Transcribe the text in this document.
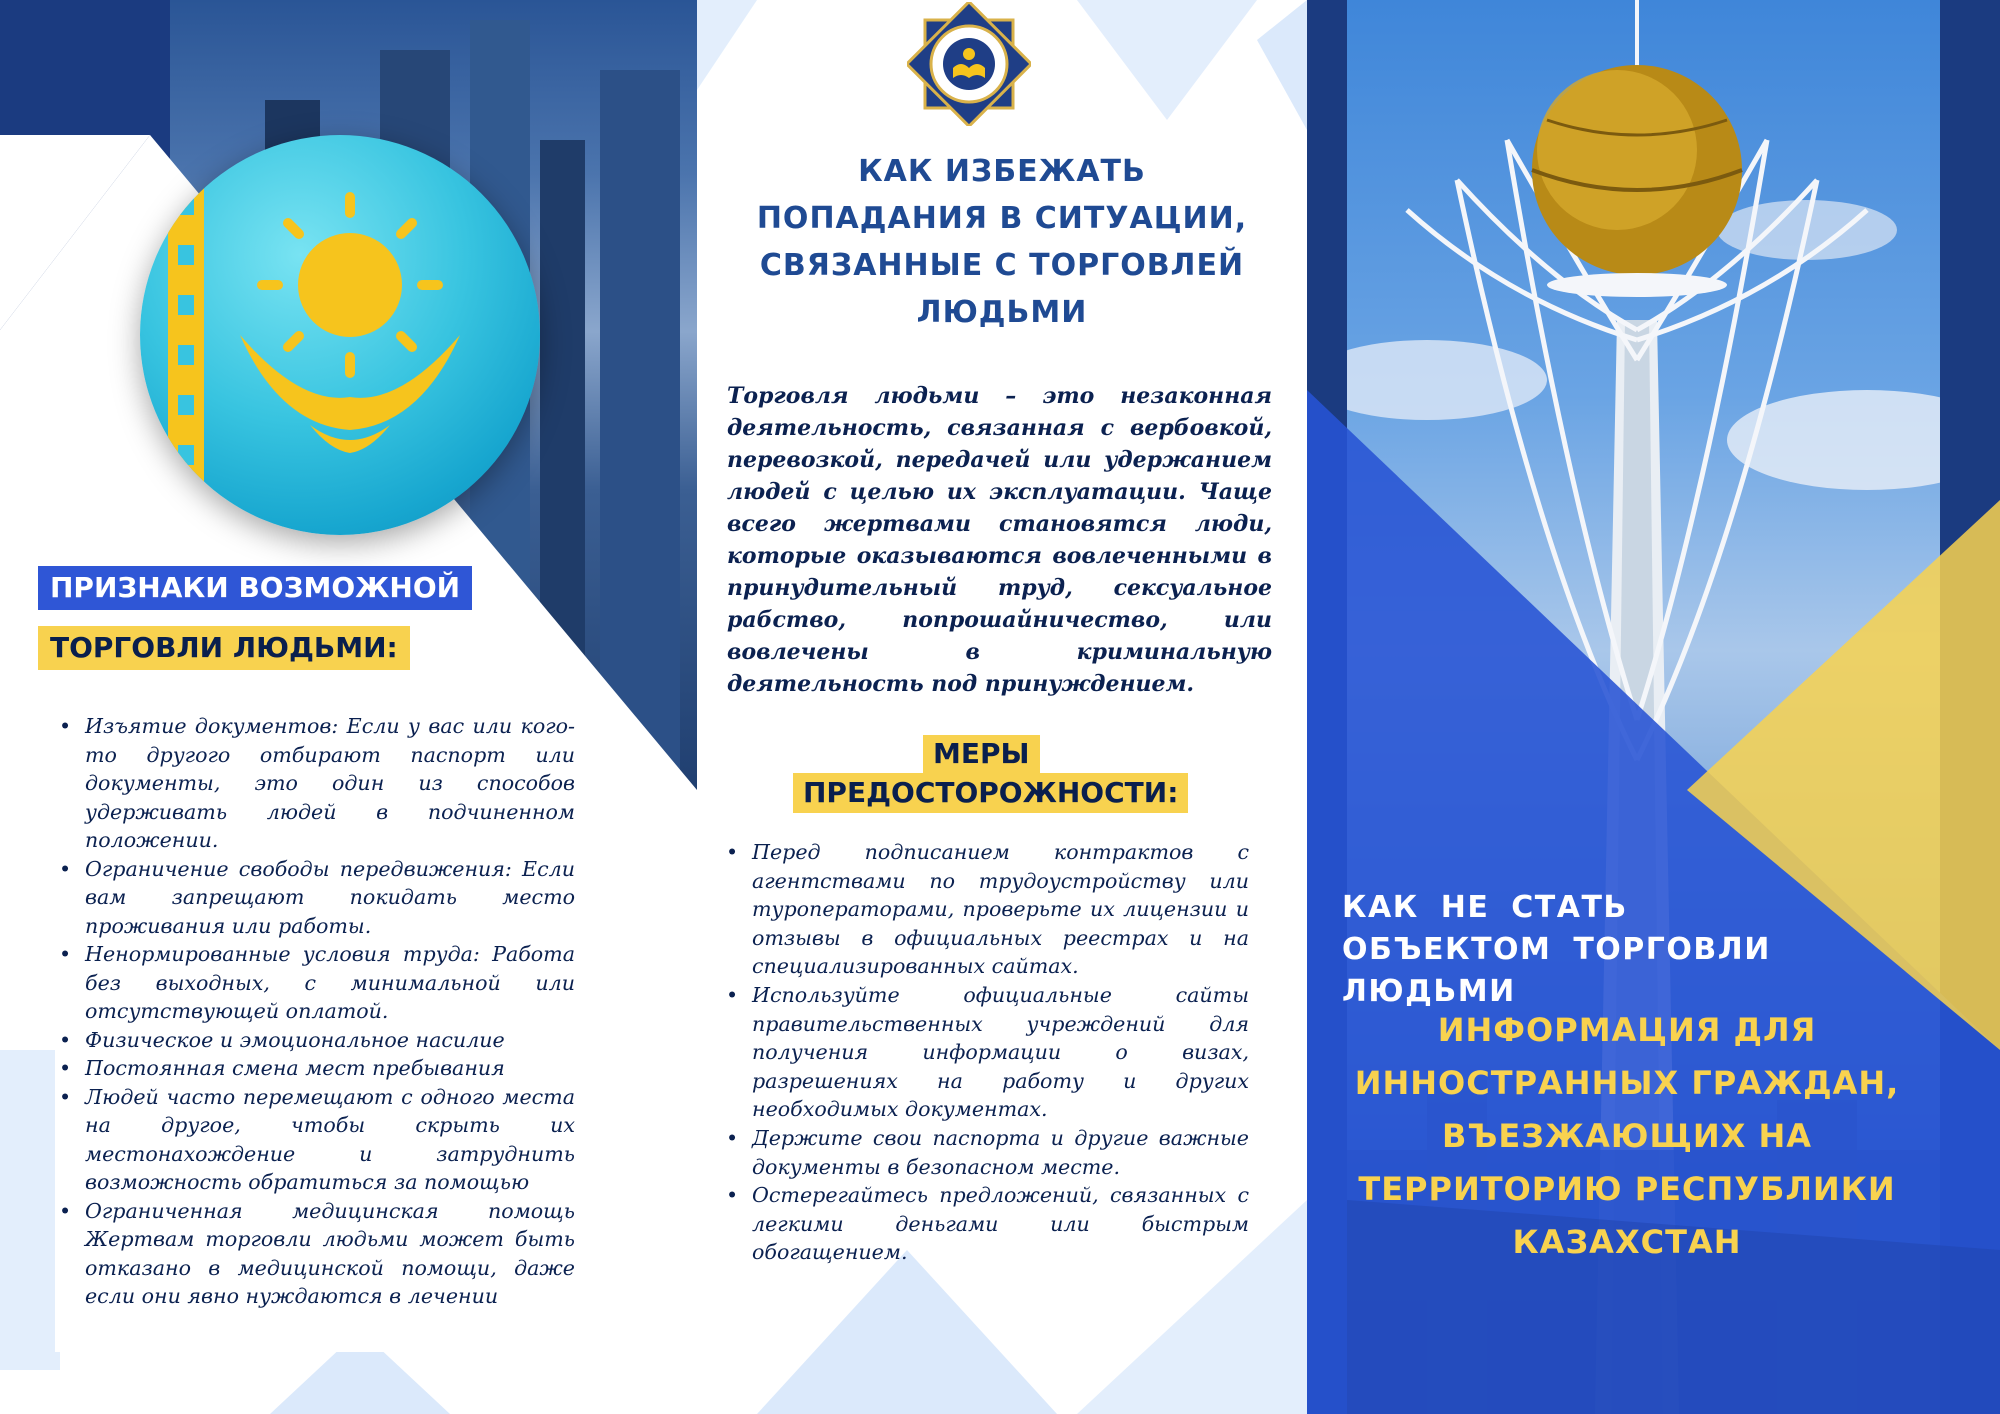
ПРИЗНАКИ ВОЗМОЖНОЙ
ТОРГОВЛИ ЛЮДЬМИ:
• Изъятие документов: Если у вас или кого-то другого отбирают паспорт или документы, это один из способов удерживать людей в подчиненном положении.
• Ограничение свободы передвижения: Если вам запрещают покидать место проживания или работы.
• Ненормированные условия труда: Работа без выходных, с минимальной или отсутствующей оплатой.
• Физическое и эмоциональное насилие
• Постоянная смена мест пребывания
• Людей часто перемещают с одного места на другое, чтобы скрыть их местонахождение и затруднить возможность обратиться за помощью
• Ограниченная медицинская помощь Жертвам торговли людьми может быть отказано в медицинской помощи, даже если они явно нуждаются в лечении
КАК ИЗБЕЖАТЬ ПОПАДАНИЯ В СИТУАЦИИ, СВЯЗАННЫЕ С ТОРГОВЛЕЙ ЛЮДЬМИ
Торговля людьми – это незаконная деятельность, связанная с вербовкой, перевозкой, передачей или удержанием людей с целью их эксплуатации. Чаще всего жертвами становятся люди, которые оказываются вовлеченными в принудительный труд, сексуальное рабство, попрошайничество, или вовлечены в криминальную деятельность под принуждением.
МЕРЫ
ПРЕДОСТОРОЖНОСТИ:
• Перед подписанием контрактов с агентствами по трудоустройству или туроператорами, проверьте их лицензии и отзывы в официальных реестрах и на специализированных сайтах.
• Используйте официальные сайты правительственных учреждений для получения информации о визах, разрешениях на работу и других необходимых документах.
• Держите свои паспорта и другие важные документы в безопасном месте.
• Остерегайтесь предложений, связанных с легкими деньгами или быстрым обогащением.
КАК НЕ СТАТЬ ОБЪЕКТОМ ТОРГОВЛИ ЛЮДЬМИ
ИНФОРМАЦИЯ ДЛЯ ИННОСТРАННЫХ ГРАЖДАН, ВЪЕЗЖАЮЩИХ НА ТЕРРИТОРИЮ РЕСПУБЛИКИ КАЗАХСТАН
